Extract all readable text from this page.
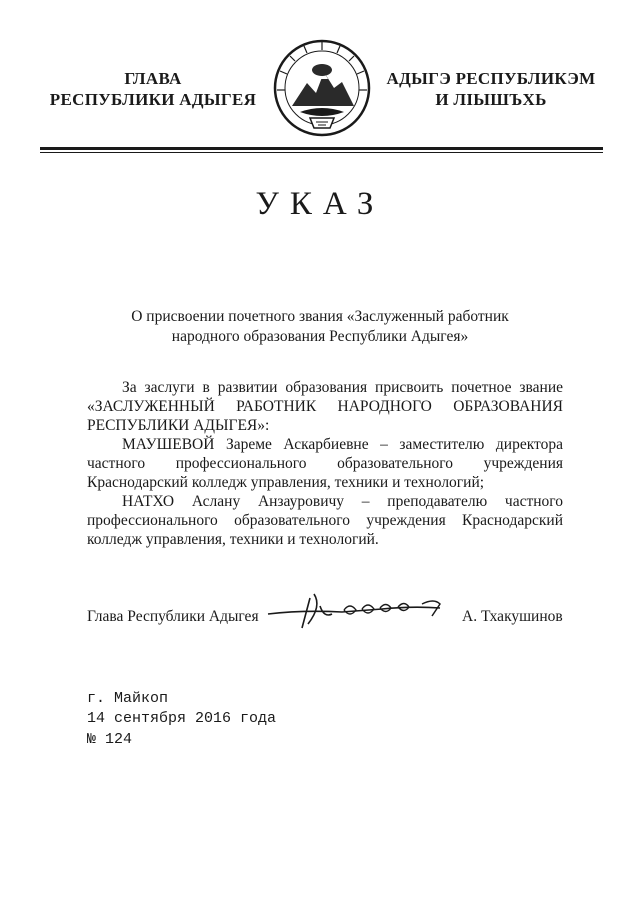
ГЛАВА
РЕСПУБЛИКИ АДЫГЕЯ
АДЫГЭ РЕСПУБЛИКЭМ
И ЛІЫШЪХЬ
УКАЗ
О присвоении почетного звания «Заслуженный работник
народного образования Республики Адыгея»

За заслуги в развитии образования присвоить почетное звание «ЗАСЛУЖЕННЫЙ РАБОТНИК НАРОДНОГО ОБРАЗОВАНИЯ РЕСПУБЛИКИ АДЫГЕЯ»:

МАУШЕВОЙ Зареме Аскарбиевне – заместителю директора частного профессионального образовательного учреждения Краснодарский колледж управления, техники и технологий;

НАТХО Аслану Анзауровичу – преподавателю частного профессионального образовательного учреждения Краснодарский колледж управления, техники и технологий.

Глава Республики Адыгея	А. Тхакушинов
г. Майкоп
14 сентября 2016 года
№ 124
